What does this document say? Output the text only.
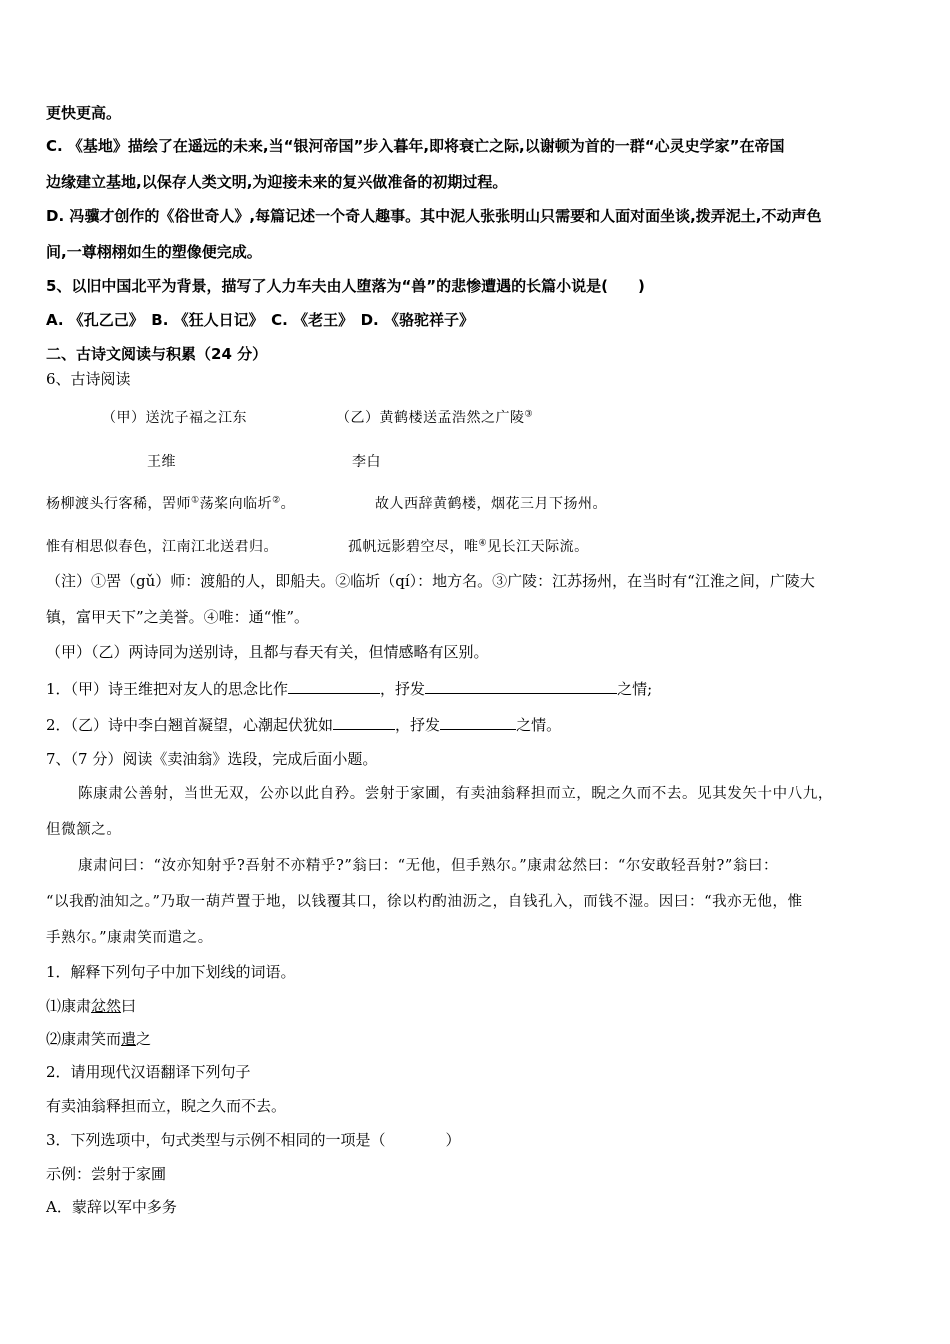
更快更高。
C. 《基地》描绘了在遥远的未来,当“银河帝国”步入暮年,即将衰亡之际,以谢顿为首的一群“心灵史学家”在帝国
边缘建立基地,以保存人类文明,为迎接未来的复兴做准备的初期过程。
D. 冯骥才创作的《俗世奇人》,每篇记述一个奇人趣事。其中泥人张张明山只需要和人面对面坐谈,拨弄泥土,不动声色
间,一尊栩栩如生的塑像便完成。
5、以旧中国北平为背景，描写了人力车夫由人堕落为“兽”的悲惨遭遇的长篇小说是(　　)
A. 《孔乙己》　B. 《狂人日记》　C. 《老王》　D. 《骆驼祥子》
二、古诗文阅读与积累（24 分）
6、古诗阅读
（甲）送沈子福之江东	（乙）黄鹤楼送孟浩然之广陵③
王维	李白
杨柳渡头行客稀，罟师①荡桨向临圻②。	故人西辞黄鹤楼，烟花三月下扬州。
惟有相思似春色，江南江北送君归。	孤帆远影碧空尽，唯④见长江天际流。
（注）①罟（gǔ）师：渡船的人，即船夫。②临圻（qí）：地方名。③广陵：江苏扬州，在当时有“江淮之间，广陵大
镇，富甲天下”之美誉。④唯：通“惟”。
（甲）（乙）两诗同为送别诗，且都与春天有关，但情感略有区别。
1．（甲）诗王维把对友人的思念比作	，抒发	之情;
2．（乙）诗中李白翘首凝望，心潮起伏犹如	，抒发	之情。
7、（7 分）阅读《卖油翁》选段，完成后面小题。
陈康肃公善射，当世无双，公亦以此自矜。尝射于家圃，有卖油翁释担而立，睨之久而不去。见其发矢十中八九，
但微颔之。
康肃问曰：“汝亦知射乎?吾射不亦精乎?”翁曰：“无他，但手熟尔。”康肃忿然曰：“尔安敢轻吾射?”翁曰：
“以我酌油知之。”乃取一葫芦置于地，以钱覆其口，徐以杓酌油沥之，自钱孔入，而钱不湿。因曰：“我亦无他，惟
手熟尔。”康肃笑而遣之。
1．解释下列句子中加下划线的词语。
⑴康肃忿然曰
⑵康肃笑而遣之
2．请用现代汉语翻译下列句子
有卖油翁释担而立，睨之久而不去。
3．下列选项中，句式类型与示例不相同的一项是（　　　　）
示例：尝射于家圃
A．蒙辞以军中多务
